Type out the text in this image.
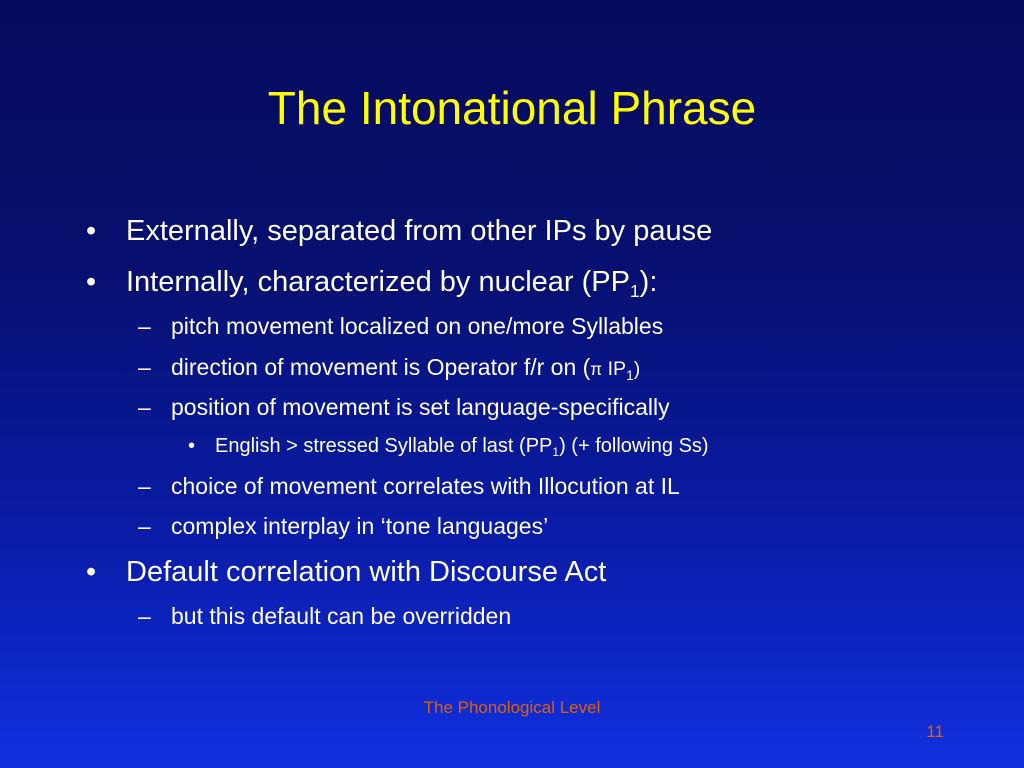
The Intonational Phrase
• Externally, separated from other IPs by pause
• Internally, characterized by nuclear $(PP_1)$:
– pitch movement localized on one/more Syllables
– direction of movement is Operator f/r on (π $IP_1$)
– position of movement is set language-specifically
• English > stressed Syllable of last $(PP_1)$ (+ following Ss)
– choice of movement correlates with Illocution at IL
– complex interplay in ‘tone languages’
• Default correlation with Discourse Act
– but this default can be overridden
The Phonological Level
11
